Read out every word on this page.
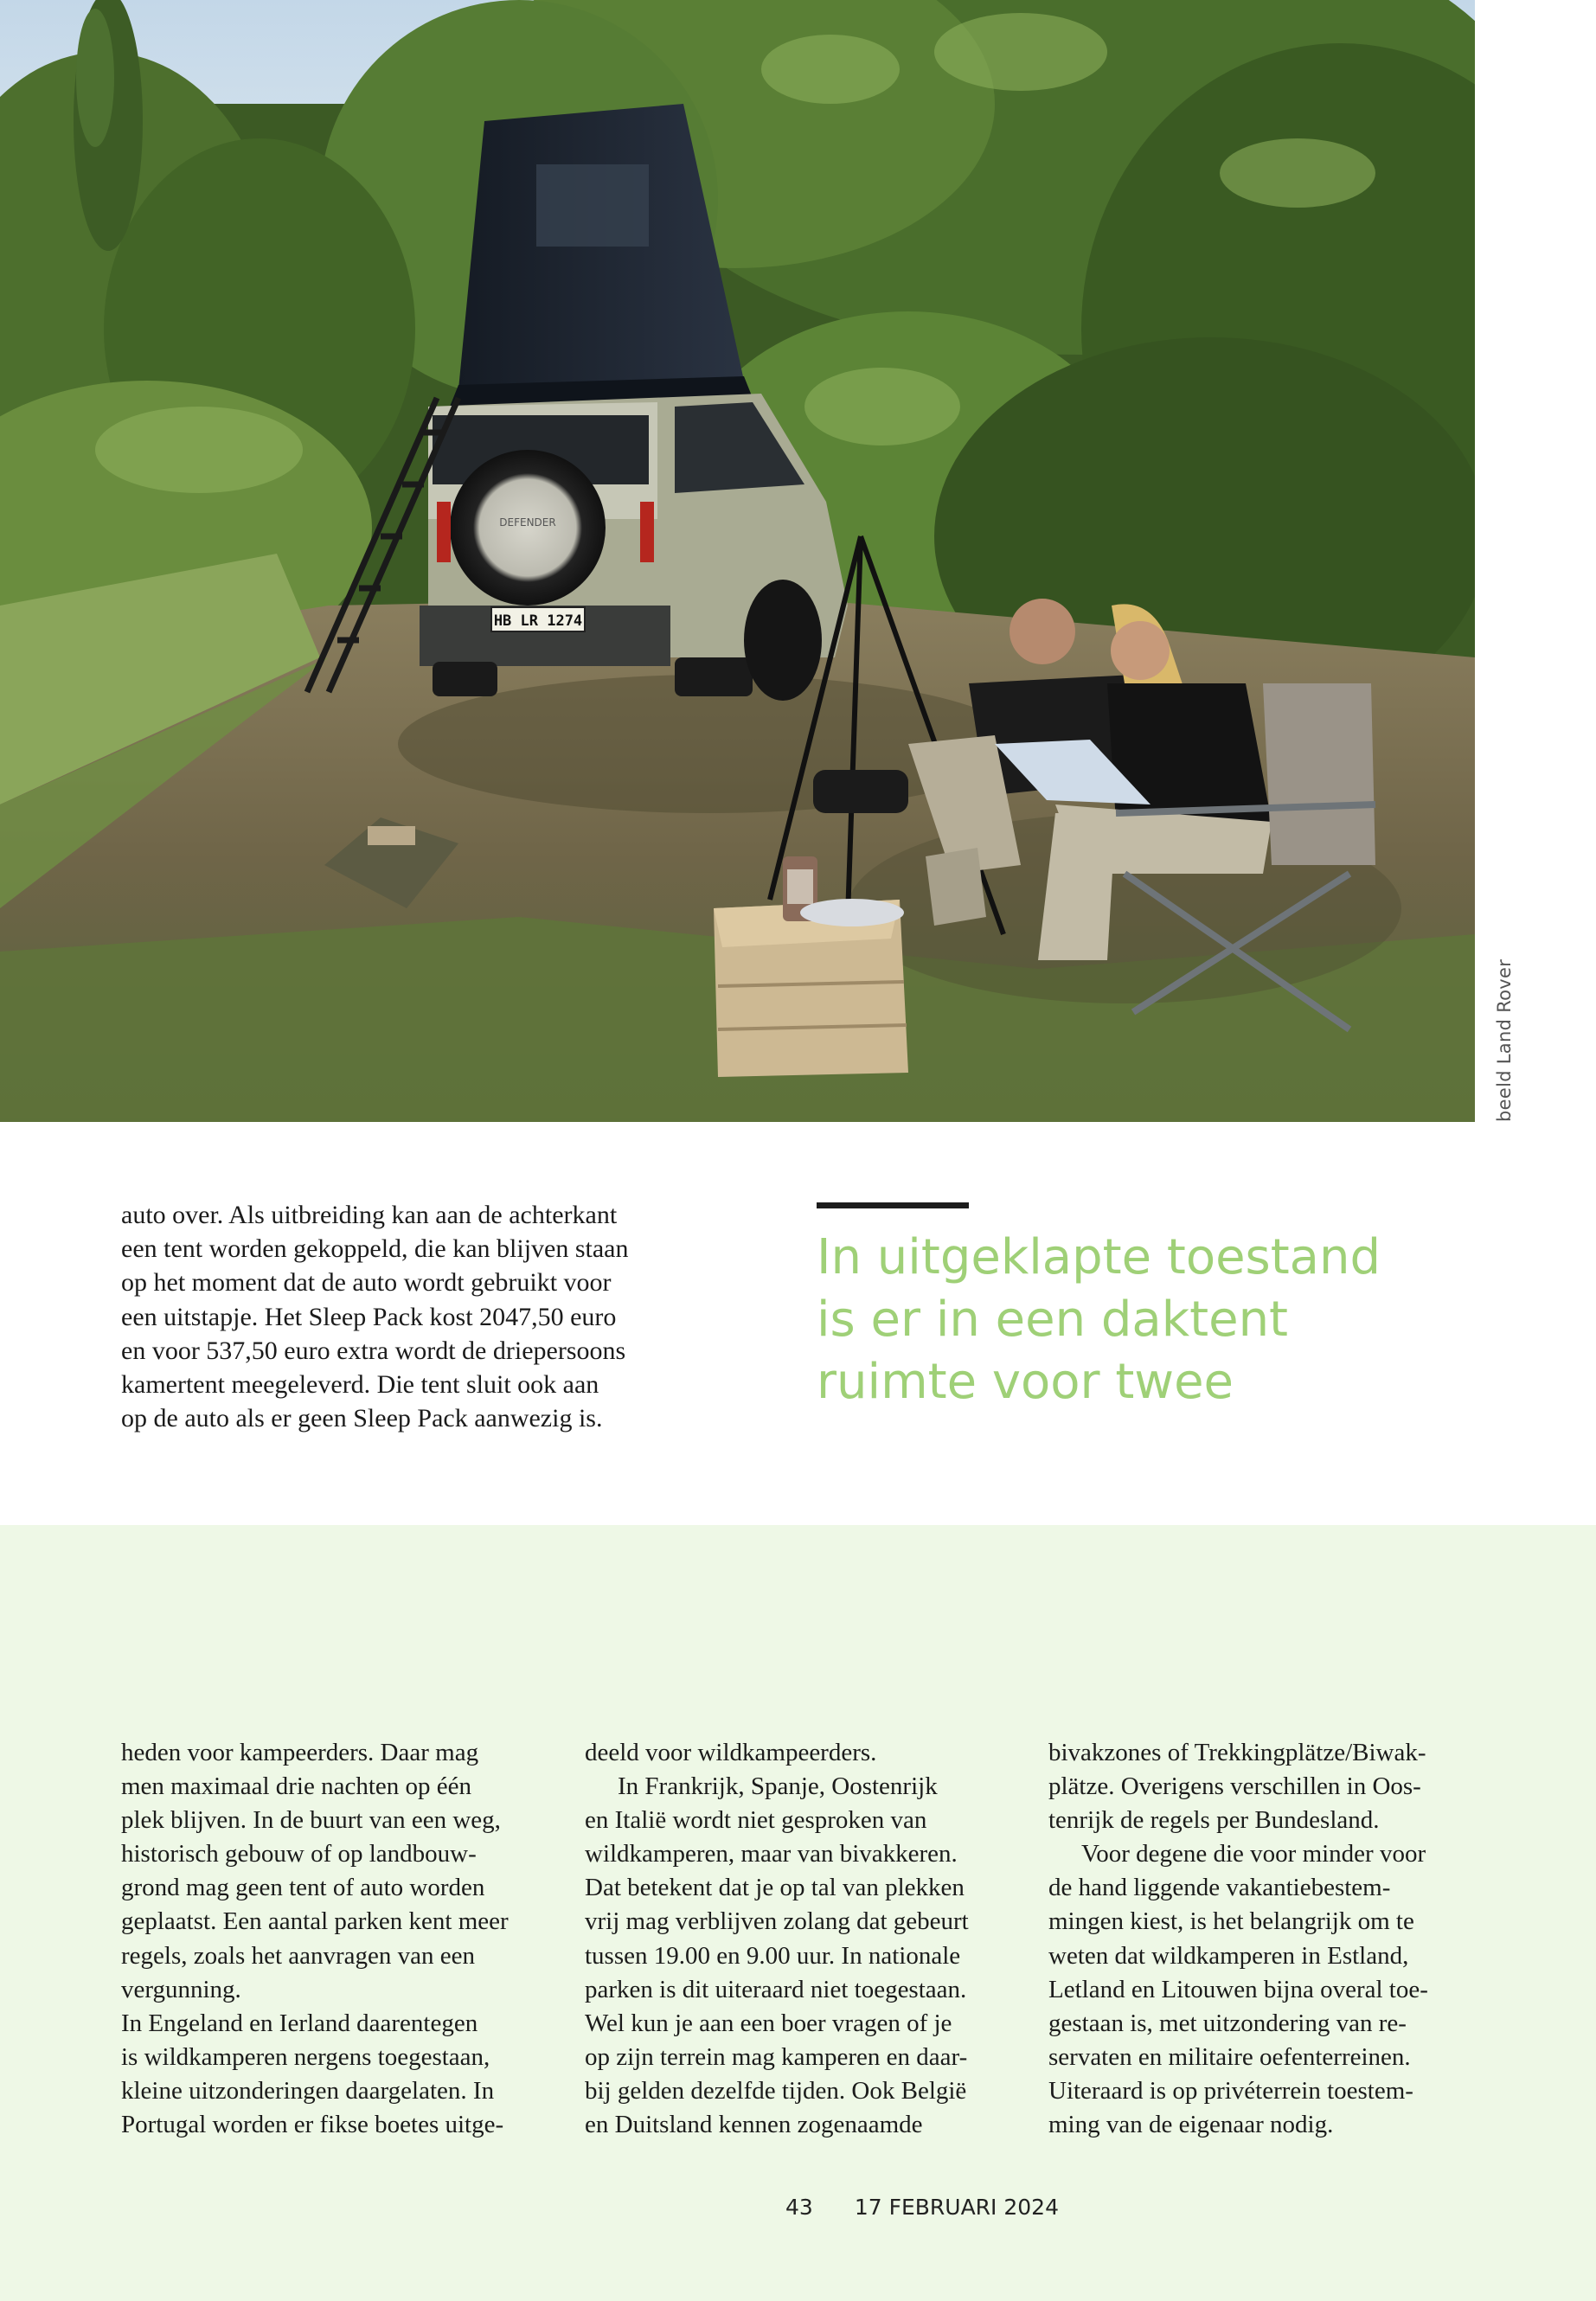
DEFENDER
HB LR 1274
beeld Land Rover
auto over. Als uitbreiding kan aan de achterkant
een tent worden gekoppeld, die kan blijven staan
op het moment dat de auto wordt gebruikt voor
een uitstapje. Het Sleep Pack kost 2047,50 euro
en voor 537,50 euro extra wordt de driepersoons
kamertent meegeleverd. Die tent sluit ook aan
op de auto als er geen Sleep Pack aanwezig is.
In uitgeklapte toestand
is er in een daktent
ruimte voor twee

heden voor kampeerders. Daar mag
men maximaal drie nachten op één
plek blijven. In de buurt van een weg,
historisch gebouw of op landbouw-
grond mag geen tent of auto worden
geplaatst. Een aantal parken kent meer
regels, zoals het aanvragen van een
vergunning.

In Engeland en Ierland daarentegen
is wildkamperen nergens toegestaan,
kleine uitzonderingen daargelaten. In
Portugal worden er fikse boetes uitge-

deeld voor wildkampeerders.

In Frankrijk, Spanje, Oostenrijk
en Italië wordt niet gesproken van
wildkamperen, maar van bivakkeren.
Dat betekent dat je op tal van plekken
vrij mag verblijven zolang dat gebeurt
tussen 19.00 en 9.00 uur. In nationale
parken is dit uiteraard niet toegestaan.
Wel kun je aan een boer vragen of je
op zijn terrein mag kamperen en daar-
bij gelden dezelfde tijden. Ook België
en Duitsland kennen zogenaamde

bivakzones of Trekkingplätze/Biwak-
plätze. Overigens verschillen in Oos-
tenrijk de regels per Bundesland.

Voor degene die voor minder voor
de hand liggende vakantiebestem-
mingen kiest, is het belangrijk om te
weten dat wildkamperen in Estland,
Letland en Litouwen bijna overal toe-
gestaan is, met uitzondering van re-
servaten en militaire oefenterreinen.
Uiteraard is op privéterrein toestem-
ming van de eigenaar nodig.

43 17 FEBRUARI 2024
